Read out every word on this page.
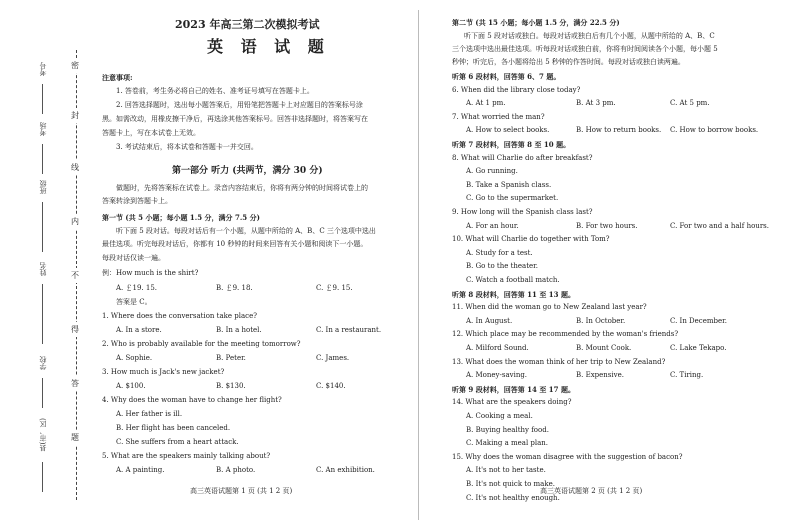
考号
考场
班级
姓名
学校
县(市、区)
密
封
线
内
不
得
答
题
2023 年高三第二次模拟考试
英 语 试 题
注意事项:
1. 答卷前，考生务必将自己的姓名、准考证号填写在答题卡上。
2. 回答选择题时，选出每小题答案后，用铅笔把答题卡上对应题目的答案标号涂
黑。如需改动，用橡皮擦干净后，再选涂其他答案标号。回答非选择题时，将答案写在
答题卡上，写在本试卷上无效。
3. 考试结束后，将本试卷和答题卡一并交回。
第一部分 听力 (共两节，满分 30 分)
做题时，先将答案标在试卷上。录音内容结束后，你将有两分钟的时间将试卷上的
答案转涂到答题卡上。
第一节 (共 5 小题；每小题 1.5 分，满分 7.5 分)
听下面 5 段对话。每段对话后有一个小题，从题中所给的 A、B、C 三个选项中选出
最佳选项。听完每段对话后，你都有 10 秒钟的时间来回答有关小题和阅读下一小题。
每段对话仅读一遍。
例：How much is the shirt?
A. ￡19. 15.	B. ￡9. 18.	C. ￡9. 15.
答案是 C。
1. Where does the conversation take place?
A. In a store.	B. In a hotel.	C. In a restaurant.
2. Who is probably available for the meeting tomorrow?
A. Sophie.	B. Peter.	C. James.
3. How much is Jack's new jacket?
A. $100.	B. $130.	C. $140.
4. Why does the woman have to change her flight?
A. Her father is ill.
B. Her flight has been canceled.
C. She suffers from a heart attack.
5. What are the speakers mainly talking about?
A. A painting.	B. A photo.	C. An exhibition.
高三英语试题第 1 页 (共 1 2 页)
第二节 (共 15 小题；每小题 1.5 分，满分 22.5 分)
听下面 5 段对话或独白。每段对话或独白后有几个小题，从题中所给的 A、B、C
三个选项中选出最佳选项。听每段对话或独白前，你将有时间阅读各个小题，每小题 5
秒钟；听完后，各小题将给出 5 秒钟的作答时间。每段对话或独白读两遍。
听第 6 段材料，回答第 6、7 题。
6. When did the library close today?
A. At 1 pm.	B. At 3 pm.	C. At 5 pm.
7. What worried the man?
A. How to select books.	B. How to return books. C. How to borrow books.
听第 7 段材料，回答第 8 至 10 题。
8. What will Charlie do after breakfast?
A. Go running.
B. Take a Spanish class.
C. Go to the supermarket.
9. How long will the Spanish class last?
A. For an hour.	B. For two hours.	C. For two and a half hours.
10. What will Charlie do together with Tom?
A. Study for a test.
B. Go to the theater.
C. Watch a football match.
听第 8 段材料，回答第 11 至 13 题。
11. When did the woman go to New Zealand last year?
A. In August.	B. In October.	C. In December.
12. Which place may be recommended by the woman's friends?
A. Milford Sound.	B. Mount Cook.	C. Lake Tekapo.
13. What does the woman think of her trip to New Zealand?
A. Money-saving.	B. Expensive.	C. Tiring.
听第 9 段材料，回答第 14 至 17 题。
14. What are the speakers doing?
A. Cooking a meal.
B. Buying healthy food.
C. Making a meal plan.
15. Why does the woman disagree with the suggestion of bacon?
A. It's not to her taste.
B. It's not quick to make.
C. It's not healthy enough.
高三英语试题第 2 页 (共 1 2 页)
